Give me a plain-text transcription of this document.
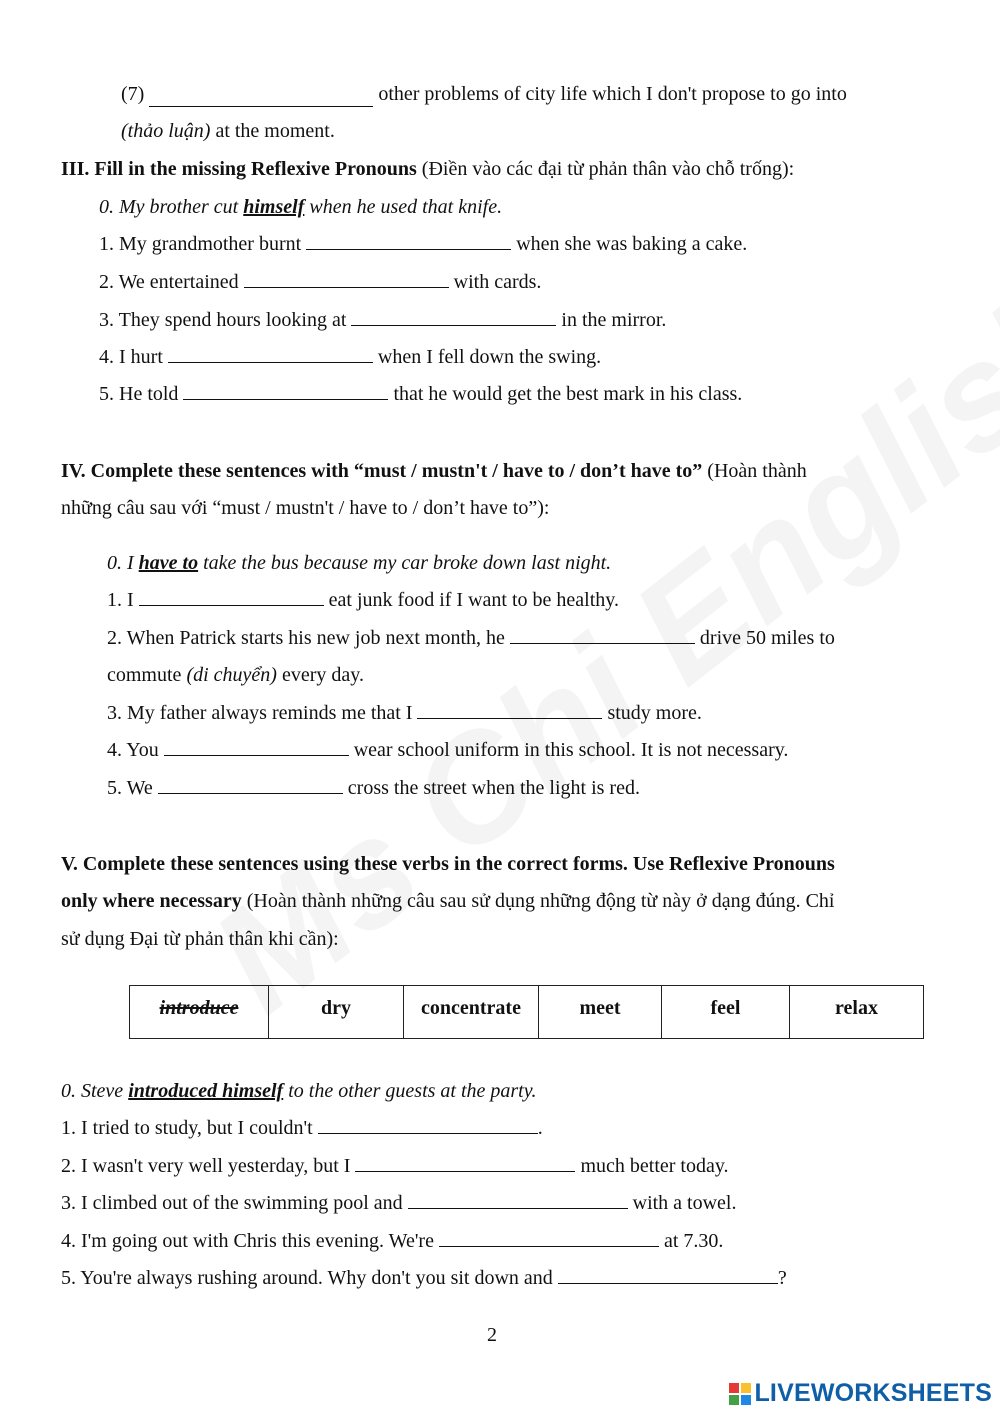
(7)	other problems of city life which I don't propose to go into
(thảo luận) at the moment.
III. Fill in the missing Reflexive Pronouns (Điền vào các đại từ phản thân vào chỗ trống):
0. My brother cut himself when he used that knife.
1. My grandmother burnt	when she was baking a cake.
2. We entertained	with cards.
3. They spend hours looking at	in the mirror.
4. I hurt	when I fell down the swing.
5. He told	that he would get the best mark in his class.
IV. Complete these sentences with “must / mustn't / have to / don’t have to” (Hoàn thành
những câu sau với “must / mustn't / have to / don’t have to”):
0. I have to take the bus because my car broke down last night.
1. I	eat junk food if I want to be healthy.
2. When Patrick starts his new job next month, he	drive 50 miles to
commute (di chuyển) every day.
3. My father always reminds me that I	study more.
4. You	wear school uniform in this school. It is not necessary.
5. We	cross the street when the light is red.
V. Complete these sentences using these verbs in the correct forms. Use Reflexive Pronouns
only where necessary (Hoàn thành những câu sau sử dụng những động từ này ở dạng đúng. Chỉ
sử dụng Đại từ phản thân khi cần):
introduce	dry	concentrate	meet	feel	relax
0. Steve introduced himself to the other guests at the party.
1. I tried to study, but I couldn't	.
2. I wasn't very well yesterday, but I	much better today.
3. I climbed out of the swimming pool and	with a towel.
4. I'm going out with Chris this evening. We're	at 7.30.
5. You're always rushing around. Why don't you sit down and	?
2
LIVEWORKSHEETS
